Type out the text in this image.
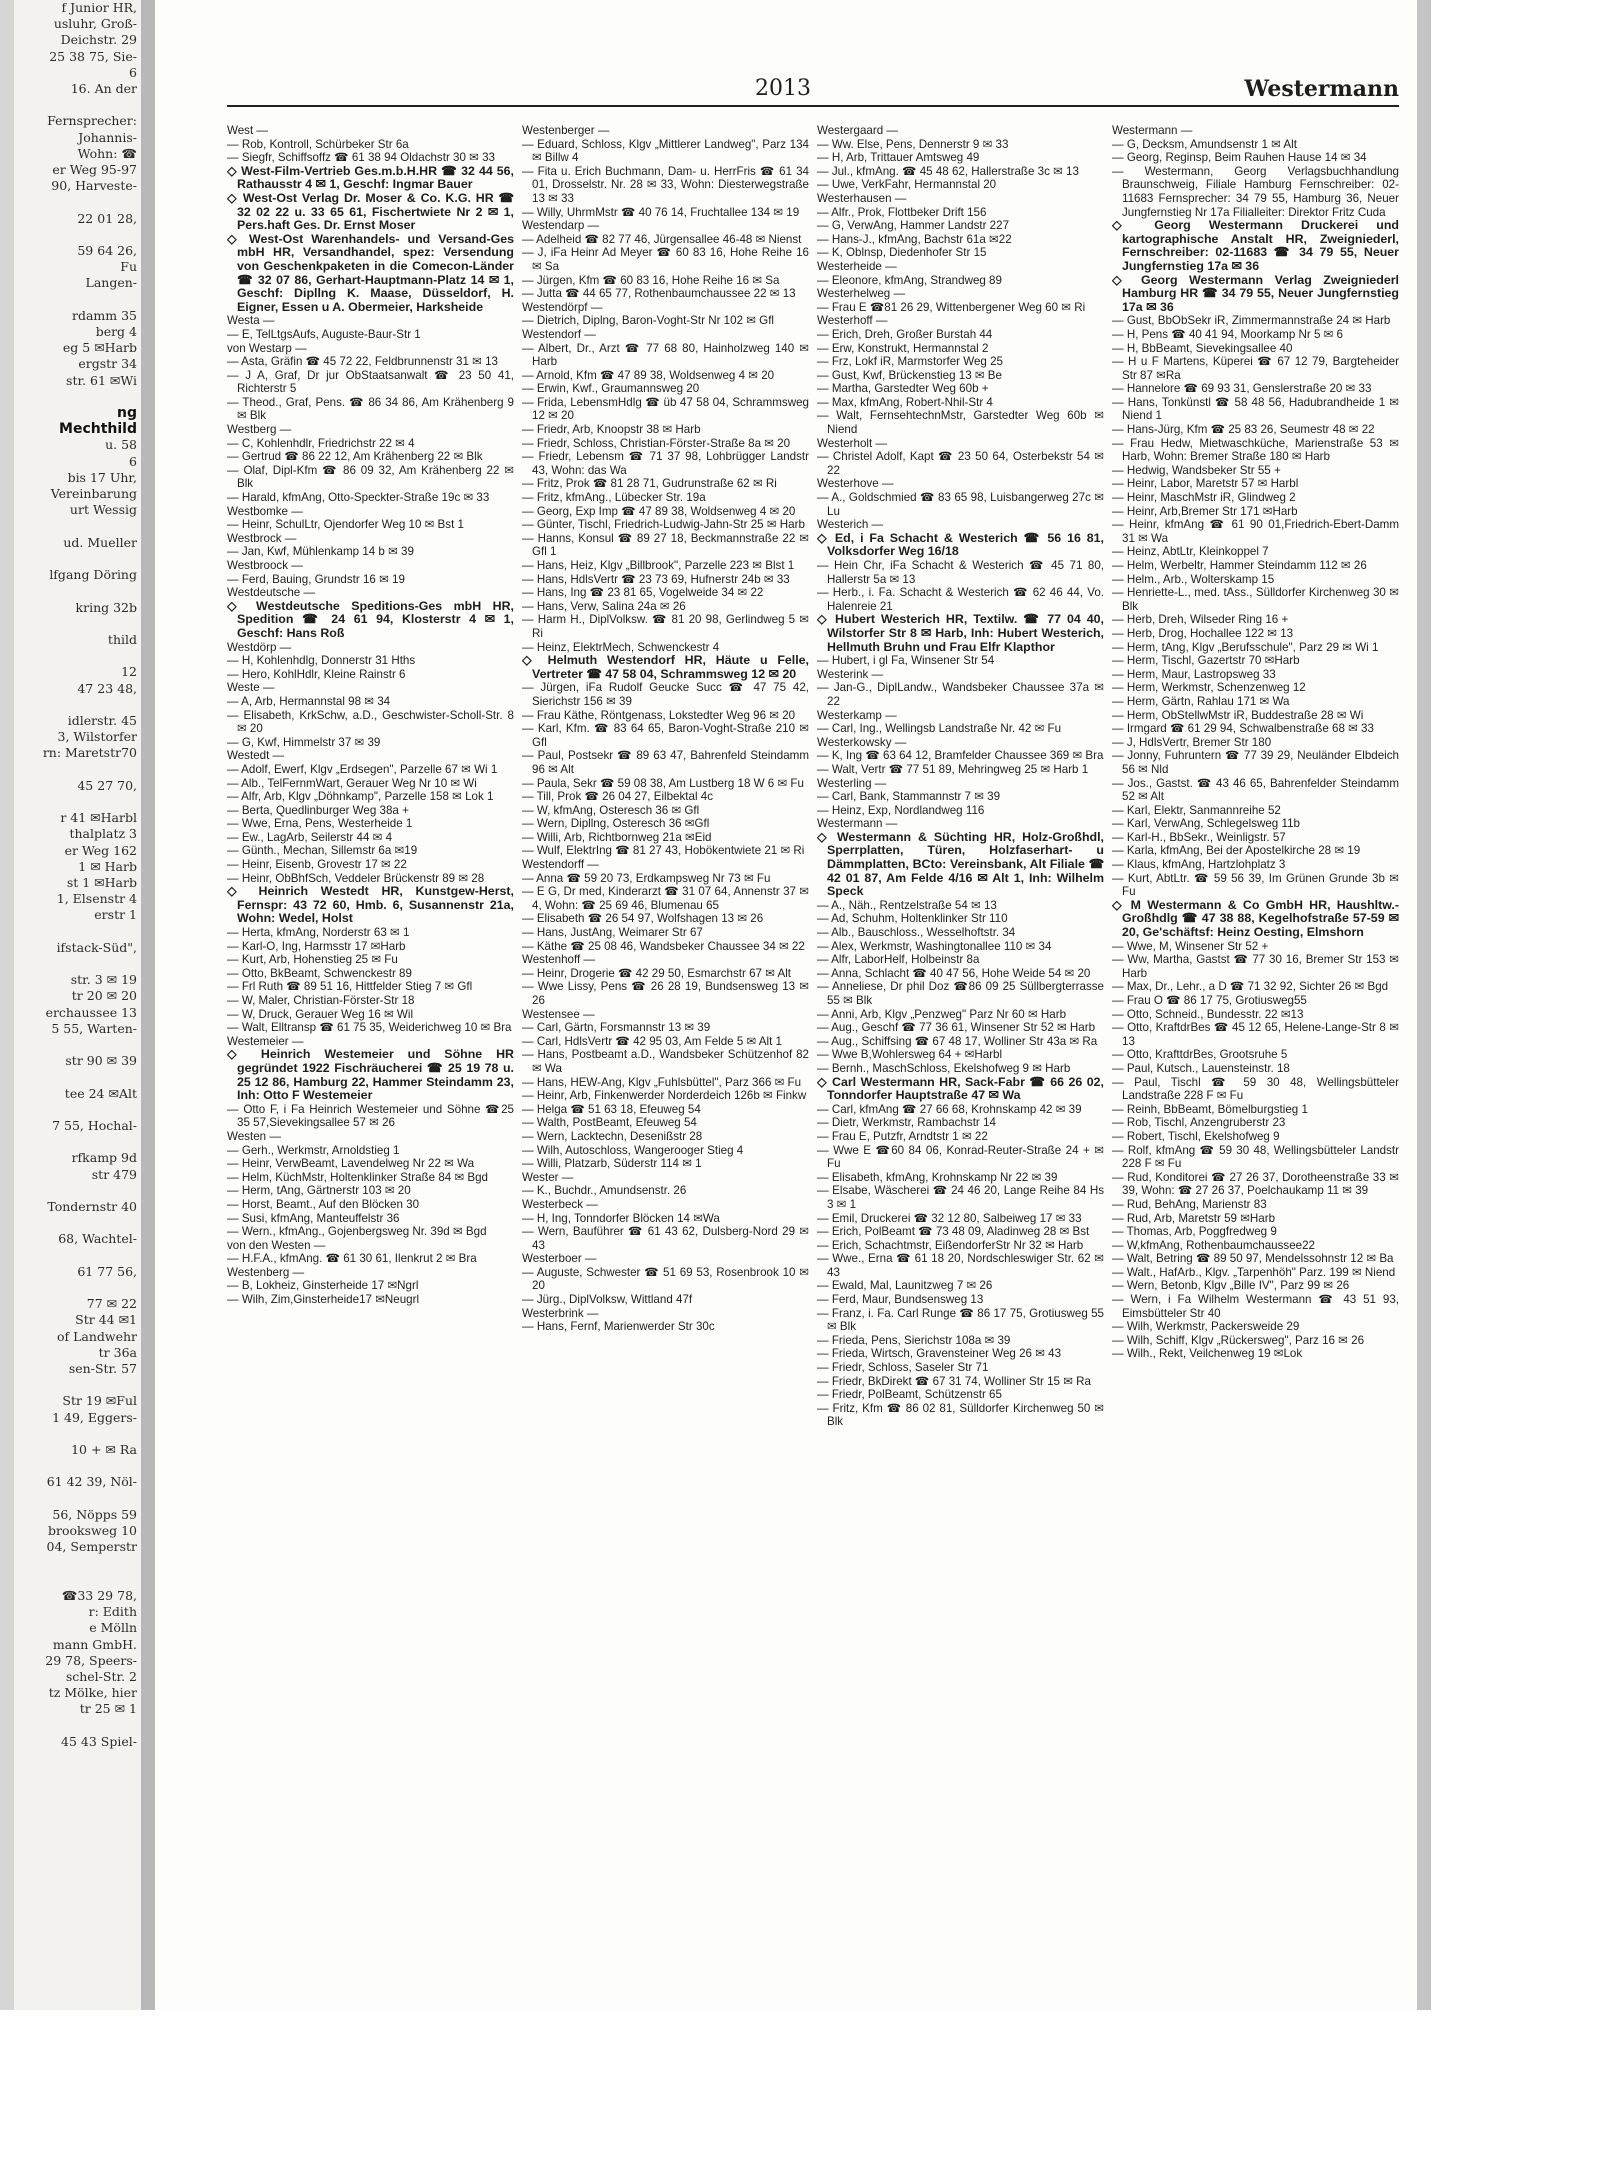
f Junior HR,
usluhr, Groß-
Deichstr. 29
25 38 75, Sie-
6
16. An der

Fernsprecher:
Johannis-
Wohn: ☎
er Weg 95-97
90, Harveste-

22 01 28,

59 64 26,
Fu
Langen-

rdamm 35
berg 4
eg 5 ✉Harb
ergstr 34
str. 61 ✉Wi

ng
Mechthild
u. 58
6
bis 17 Uhr,
Vereinbarung
urt Wessig

ud. Mueller

lfgang Döring

kring 32b

thild

12
47 23 48,

idlerstr. 45
3, Wilstorfer
rn: Maretstr70

45 27 70,

r 41 ✉Harbl
thalplatz 3
er Weg 162
1 ✉ Harb
st 1 ✉Harb
1, Elsenstr 4
erstr 1

ifstack-Süd",

str. 3 ✉ 19
tr 20 ✉ 20
erchaussee 13
5 55, Warten-

str 90 ✉ 39

tee 24 ✉Alt

7 55, Hochal-

rfkamp 9d
str 479

Tondernstr 40

68, Wachtel-

61 77 56,

77 ✉ 22
Str 44 ✉1
of Landwehr
tr 36a
sen-Str. 57

Str 19 ✉Ful
1 49, Eggers-

10 + ✉ Ra

61 42 39, Nöl-

56, Nöpps 59
brooksweg 10
04, Semperstr

☎33 29 78,
r: Edith
e Mölln
mann GmbH.
29 78, Speers-
schel-Str. 2
tz Mölke, hier
tr 25 ✉ 1

45 43 Spiel-
2013	Westermann
West —
— Rob, Kontroll, Schürbeker Str 6a
— Siegfr, Schiffsoffz ☎ 61 38 94 Oldachstr 30 ✉ 33
◇ West-Film-Vertrieb Ges.m.b.H.HR ☎ 32 44 56, Rathausstr 4 ✉ 1, Geschf: Ingmar Bauer
◇ West-Ost Verlag Dr. Moser & Co. K.G. HR ☎ 32 02 22 u. 33 65 61, Fischertwiete Nr 2 ✉ 1, Pers.haft Ges. Dr. Ernst Moser
◇ West-Ost Warenhandels- und Versand-Ges mbH HR, Versandhandel, spez: Versendung von Geschenkpaketen in die Comecon-Länder ☎ 32 07 86, Gerhart-Hauptmann-Platz 14 ✉ 1, Geschf: Dipllng K. Maase, Düsseldorf, H. Eigner, Essen u A. Obermeier, Harksheide
Westa —
— E, TelLtgsAufs, Auguste-Baur-Str 1
von Westarp —
— Asta, Gräfin ☎ 45 72 22, Feldbrunnenstr 31 ✉ 13
— J A, Graf, Dr jur ObStaatsanwalt ☎ 23 50 41, Richterstr 5
— Theod., Graf, Pens. ☎ 86 34 86, Am Krähenberg 9 ✉ Blk
Westberg —
— C, Kohlenhdlr, Friedrichstr 22 ✉ 4
— Gertrud ☎ 86 22 12, Am Krähenberg 22 ✉ Blk
— Olaf, Dipl-Kfm ☎ 86 09 32, Am Krähenberg 22 ✉ Blk
— Harald, kfmAng, Otto-Speckter-Straße 19c ✉ 33
Westbomke —
— Heinr, SchulLtr, Ojendorfer Weg 10 ✉ Bst 1
Westbrock —
— Jan, Kwf, Mühlenkamp 14 b ✉ 39
Westbroock —
— Ferd, Bauing, Grundstr 16 ✉ 19
Westdeutsche —
◇ Westdeutsche Speditions-Ges mbH HR, Spedition ☎ 24 61 94, Klosterstr 4 ✉ 1, Geschf: Hans Roß
Westdörp —
— H, Kohlenhdlg, Donnerstr 31 Hths
— Hero, KohlHdlr, Kleine Rainstr 6
Weste —
— A, Arb, Hermannstal 98 ✉ 34
— Elisabeth, KrkSchw, a.D., Geschwister-Scholl-Str. 8 ✉ 20
— G, Kwf, Himmelstr 37 ✉ 39
Westedt —
— Adolf, Ewerf, Klgv „Erdsegen", Parzelle 67 ✉ Wi 1
— Alb., TelFernmWart, Gerauer Weg Nr 10 ✉ Wi
— Alfr, Arb, Klgv „Döhnkamp", Parzelle 158 ✉ Lok 1
— Berta, Quedlinburger Weg 38a +
— Wwe, Erna, Pens, Westerheide 1
— Ew., LagArb, Seilerstr 44 ✉ 4
— Günth., Mechan, Sillemstr 6a ✉19
— Heinr, Eisenb, Grovestr 17 ✉ 22
— Heinr, ObBhfSch, Veddeler Brückenstr 89 ✉ 28
◇ Heinrich Westedt HR, Kunstgew-Herst, Fernspr: 43 72 60, Hmb. 6, Susannenstr 21a, Wohn: Wedel, Holst
— Herta, kfmAng, Norderstr 63 ✉ 1
— Karl-O, Ing, Harmsstr 17 ✉Harb
— Kurt, Arb, Hohenstieg 25 ✉ Fu
— Otto, BkBeamt, Schwenckestr 89
— Frl Ruth ☎ 89 51 16, Hittfelder Stieg 7 ✉ Gfl
— W, Maler, Christian-Förster-Str 18
— W, Druck, Gerauer Weg 16 ✉ Wil
— Walt, Elltransp ☎ 61 75 35, Weiderichweg 10 ✉ Bra
Westemeier —
◇ Heinrich Westemeier und Söhne HR gegründet 1922 Fischräucherei ☎ 25 19 78 u. 25 12 86, Hamburg 22, Hammer Steindamm 23, Inh: Otto F Westemeier
— Otto F, i Fa Heinrich Westemeier und Söhne ☎25 35 57,Sievekingsallee 57 ✉ 26
Westen —
— Gerh., Werkmstr, Arnoldstieg 1
— Heinr, VerwBeamt, Lavendelweg Nr 22 ✉ Wa
— Helm, KüchMstr, Holtenklinker Straße 84 ✉ Bgd
— Herm, tAng, Gärtnerstr 103 ✉ 20
— Horst, Beamt., Auf den Blöcken 30
— Susi, kfmAng, Manteuffelstr 36
— Wern., kfmAng., Gojenbergsweg Nr. 39d ✉ Bgd
von den Westen —
— H.F.A., kfmAng. ☎ 61 30 61, Ilenkrut 2 ✉ Bra
Westenberg —
— B, Lokheiz, Ginsterheide 17 ✉Ngrl
— Wilh, Zim,Ginsterheide17 ✉Neugrl
Westenberger —
— Eduard, Schloss, Klgv „Mittlerer Landweg", Parz 134 ✉ Billw 4
— Fita u. Erich Buchmann, Dam- u. HerrFris ☎ 61 34 01, Drosselstr. Nr. 28 ✉ 33, Wohn: Diesterwegstraße 13 ✉ 33
— Willy, UhrmMstr ☎ 40 76 14, Fruchtallee 134 ✉ 19
Westendarp —
— Adelheid ☎ 82 77 46, Jürgensallee 46-48 ✉ Nienst
— J, iFa Heinr Ad Meyer ☎ 60 83 16, Hohe Reihe 16 ✉ Sa
— Jürgen, Kfm ☎ 60 83 16, Hohe Reihe 16 ✉ Sa
— Jutta ☎ 44 65 77, Rothenbaumchaussee 22 ✉ 13
Westendörpf —
— Dietrich, Diplng, Baron-Voght-Str Nr 102 ✉ Gfl
Westendorf —
— Albert, Dr., Arzt ☎ 77 68 80, Hainholzweg 140 ✉ Harb
— Arnold, Kfm ☎ 47 89 38, Woldsenweg 4 ✉ 20
— Erwin, Kwf., Graumannsweg 20
— Frida, LebensmHdlg ☎ üb 47 58 04, Schrammsweg 12 ✉ 20
— Friedr, Arb, Knoopstr 38 ✉ Harb
— Friedr, Schloss, Christian-Förster-Straße 8a ✉ 20
— Friedr, Lebensm ☎ 71 37 98, Lohbrügger Landstr 43, Wohn: das Wa
— Fritz, Prok ☎ 81 28 71, Gudrunstraße 62 ✉ Ri
— Fritz, kfmAng., Lübecker Str. 19a
— Georg, Exp Imp ☎ 47 89 38, Woldsenweg 4 ✉ 20
— Günter, Tischl, Friedrich-Ludwig-Jahn-Str 25 ✉ Harb
— Hanns, Konsul ☎ 89 27 18, Beckmannstraße 22 ✉ Gfl 1
— Hans, Heiz, Klgv „Billbrook", Parzelle 223 ✉ Blst 1
— Hans, HdlsVertr ☎ 23 73 69, Hufnerstr 24b ✉ 33
— Hans, Ing ☎ 23 81 65, Vogelweide 34 ✉ 22
— Hans, Verw, Salina 24a ✉ 26
— Harm H., DiplVolksw. ☎ 81 20 98, Gerlindweg 5 ✉ Ri
— Heinz, ElektrMech, Schwenckestr 4
◇ Helmuth Westendorf HR, Häute u Felle, Vertreter ☎ 47 58 04, Schrammsweg 12 ✉ 20
— Jürgen, iFa Rudolf Geucke Succ ☎ 47 75 42, Sierichstr 156 ✉ 39
— Frau Käthe, Röntgenass, Lokstedter Weg 96 ✉ 20
— Karl, Kfm. ☎ 83 64 65, Baron-Voght-Straße 210 ✉ Gfl
— Paul, Postsekr ☎ 89 63 47, Bahrenfeld Steindamm 96 ✉ Alt
— Paula, Sekr ☎ 59 08 38, Am Lustberg 18 W 6 ✉ Fu
— Till, Prok ☎ 26 04 27, Eilbektal 4c
— W, kfmAng, Osteresch 36 ✉ Gfl
— Wern, Dipllng, Osteresch 36 ✉Gfl
— Willi, Arb, Richtbornweg 21a ✉Eid
— Wulf, ElektrIng ☎ 81 27 43, Hobökentwiete 21 ✉ Ri
Westendorff —
— Anna ☎ 59 20 73, Erdkampsweg Nr 73 ✉ Fu
— E G, Dr med, Kinderarzt ☎ 31 07 64, Annenstr 37 ✉ 4, Wohn: ☎ 25 69 46, Blumenau 65
— Elisabeth ☎ 26 54 97, Wolfshagen 13 ✉ 26
— Hans, JustAng, Weimarer Str 67
— Käthe ☎ 25 08 46, Wandsbeker Chaussee 34 ✉ 22
Westenhoff —
— Heinr, Drogerie ☎ 42 29 50, Esmarchstr 67 ✉ Alt
— Wwe Lissy, Pens ☎ 26 28 19, Bundsensweg 13 ✉ 26
Westensee —
— Carl, Gärtn, Forsmannstr 13 ✉ 39
— Carl, HdlsVertr ☎ 42 95 03, Am Felde 5 ✉ Alt 1
— Hans, Postbeamt a.D., Wandsbeker Schützenhof 82 ✉ Wa
— Hans, HEW-Ang, Klgv „Fuhlsbüttel", Parz 366 ✉ Fu
— Heinr, Arb, Finkenwerder Norderdeich 126b ✉ Finkw
— Helga ☎ 51 63 18, Efeuweg 54
— Walth, PostBeamt, Efeuweg 54
— Wern, Lacktechn, Desenißstr 28
— Wilh, Autoschloss, Wangerooger Stieg 4
— Willi, Platzarb, Süderstr 114 ✉ 1
Wester —
— K., Buchdr., Amundsenstr. 26
Westerbeck —
— H, Ing, Tonndorfer Blöcken 14 ✉Wa
— Wern, Bauführer ☎ 61 43 62, Dulsberg-Nord 29 ✉ 43
Westerboer —
— Auguste, Schwester ☎ 51 69 53, Rosenbrook 10 ✉ 20
— Jürg., DiplVolksw, Wittland 47f
Westerbrink —
— Hans, Fernf, Marienwerder Str 30c
Westergaard —
— Ww. Else, Pens, Dennerstr 9 ✉ 33
— H, Arb, Trittauer Amtsweg 49
— Jul., kfmAng. ☎ 45 48 62, Hallerstraße 3c ✉ 13
— Uwe, VerkFahr, Hermannstal 20
Westerhausen —
— Alfr., Prok, Flottbeker Drift 156
— G, VerwAng, Hammer Landstr 227
— Hans-J., kfmAng, Bachstr 61a ✉22
— K, Oblnsp, Diedenhofer Str 15
Westerheide —
— Eleonore, kfmAng, Strandweg 89
Westerhelweg —
— Frau E ☎81 26 29, Wittenbergener Weg 60 ✉ Ri
Westerhoff —
— Erich, Dreh, Großer Burstah 44
— Erw, Konstrukt, Hermannstal 2
— Frz, Lokf iR, Marmstorfer Weg 25
— Gust, Kwf, Brückenstieg 13 ✉ Be
— Martha, Garstedter Weg 60b +
— Max, kfmAng, Robert-Nhil-Str 4
— Walt, FernsehtechnMstr, Garstedter Weg 60b ✉ Niend
Westerholt —
— Christel Adolf, Kapt ☎ 23 50 64, Osterbekstr 54 ✉ 22
Westerhove —
— A., Goldschmied ☎ 83 65 98, Luisbangerweg 27c ✉ Lu
Westerich —
◇ Ed, i Fa Schacht & Westerich ☎ 56 16 81, Volksdorfer Weg 16/18
— Hein Chr, iFa Schacht & Westerich ☎ 45 71 80, Hallerstr 5a ✉ 13
— Herb., i. Fa. Schacht & Westerich ☎ 62 46 44, Vo. Halenreie 21
◇ Hubert Westerich HR, Textilw. ☎ 77 04 40, Wilstorfer Str 8 ✉ Harb, Inh: Hubert Westerich, Hellmuth Bruhn und Frau Elfr Klapthor
— Hubert, i gl Fa, Winsener Str 54
Westerink —
— Jan-G., DiplLandw., Wandsbeker Chaussee 37a ✉ 22
Westerkamp —
— Carl, Ing., Wellingsb Landstraße Nr. 42 ✉ Fu
Westerkowsky —
— K, Ing ☎ 63 64 12, Bramfelder Chaussee 369 ✉ Bra
— Walt, Vertr ☎ 77 51 89, Mehringweg 25 ✉ Harb 1
Westerling —
— Carl, Bank, Stammannstr 7 ✉ 39
— Heinz, Exp, Nordlandweg 116
Westermann —
◇ Westermann & Süchting HR, Holz-Großhdl, Sperrplatten, Türen, Holzfaserhart- u Dämmplatten, BCto: Vereinsbank, Alt Filiale ☎ 42 01 87, Am Felde 4/16 ✉ Alt 1, Inh: Wilhelm Speck
— A., Näh., Rentzelstraße 54 ✉ 13
— Ad, Schuhm, Holtenklinker Str 110
— Alb., Bauschloss., Wesselhoftstr. 34
— Alex, Werkmstr, Washingtonallee 110 ✉ 34
— Alfr, LaborHelf, Holbeinstr 8a
— Anna, Schlacht ☎ 40 47 56, Hohe Weide 54 ✉ 20
— Anneliese, Dr phil Doz ☎86 09 25 Süllbergterrasse 55 ✉ Blk
— Anni, Arb, Klgv „Penzweg" Parz Nr 60 ✉ Harb
— Aug., Geschf ☎ 77 36 61, Winsener Str 52 ✉ Harb
— Aug., Schiffsing ☎ 67 48 17, Wolliner Str 43a ✉ Ra
— Wwe B,Wohlersweg 64 + ✉Harbl
— Bernh., MaschSchloss, Ekelshofweg 9 ✉ Harb
◇ Carl Westermann HR, Sack-Fabr ☎ 66 26 02, Tonndorfer Hauptstraße 47 ✉ Wa
— Carl, kfmAng ☎ 27 66 68, Krohnskamp 42 ✉ 39
— Dietr, Werkmstr, Rambachstr 14
— Frau E, Putzfr, Arndtstr 1 ✉ 22
— Wwe E ☎60 84 06, Konrad-Reuter-Straße 24 + ✉ Fu
— Elisabeth, kfmAng, Krohnskamp Nr 22 ✉ 39
— Elsabe, Wäscherei ☎ 24 46 20, Lange Reihe 84 Hs 3 ✉ 1
— Emil, Druckerei ☎ 32 12 80, Salbeiweg 17 ✉ 33
— Erich, PolBeamt ☎ 73 48 09, Aladinweg 28 ✉ Bst
— Erich, Schachtmstr, EißendorferStr Nr 32 ✉ Harb
— Wwe., Erna ☎ 61 18 20, Nordschleswiger Str. 62 ✉ 43
— Ewald, Mal, Launitzweg 7 ✉ 26
— Ferd, Maur, Bundsensweg 13
— Franz, i. Fa. Carl Runge ☎ 86 17 75, Grotiusweg 55 ✉ Blk
— Frieda, Pens, Sierichstr 108a ✉ 39
— Frieda, Wirtsch, Gravensteiner Weg 26 ✉ 43
— Friedr, Schloss, Saseler Str 71
— Friedr, BkDirekt ☎ 67 31 74, Wolliner Str 15 ✉ Ra
— Friedr, PolBeamt, Schützenstr 65
— Fritz, Kfm ☎ 86 02 81, Sülldorfer Kirchenweg 50 ✉ Blk
Westermann —
— G, Decksm, Amundsenstr 1 ✉ Alt
— Georg, Reginsp, Beim Rauhen Hause 14 ✉ 34
— Westermann, Georg Verlagsbuchhandlung Braunschweig, Filiale Hamburg Fernschreiber: 02-11683 Fernsprecher: 34 79 55, Hamburg 36, Neuer Jungfernstieg Nr 17a Filialleiter: Direktor Fritz Cuda
◇ Georg Westermann Druckerei und kartographische Anstalt HR, Zweigniederl, Fernschreiber: 02-11683 ☎ 34 79 55, Neuer Jungfernstieg 17a ✉ 36
◇ Georg Westermann Verlag Zweigniederl Hamburg HR ☎ 34 79 55, Neuer Jungfernstieg 17a ✉ 36
— Gust, BbObSekr iR, Zimmermannstraße 24 ✉ Harb
— H, Pens ☎ 40 41 94, Moorkamp Nr 5 ✉ 6
— H, BbBeamt, Sievekingsallee 40
— H u F Martens, Küperei ☎ 67 12 79, Bargteheider Str 87 ✉Ra
— Hannelore ☎ 69 93 31, Genslerstraße 20 ✉ 33
— Hans, Tonkünstl ☎ 58 48 56, Hadubrandheide 1 ✉ Niend 1
— Hans-Jürg, Kfm ☎ 25 83 26, Seumestr 48 ✉ 22
— Frau Hedw, Mietwaschküche, Marienstraße 53 ✉ Harb, Wohn: Bremer Straße 180 ✉ Harb
— Hedwig, Wandsbeker Str 55 +
— Heinr, Labor, Maretstr 57 ✉ Harbl
— Heinr, MaschMstr iR, Glindweg 2
— Heinr, Arb,Bremer Str 171 ✉Harb
— Heinr, kfmAng ☎ 61 90 01,Friedrich-Ebert-Damm 31 ✉ Wa
— Heinz, AbtLtr, Kleinkoppel 7
— Helm, Werbeltr, Hammer Steindamm 112 ✉ 26
— Helm., Arb., Wolterskamp 15
— Henriette-L., med. tAss., Sülldorfer Kirchenweg 30 ✉ Blk
— Herb, Dreh, Wilseder Ring 16 +
— Herb, Drog, Hochallee 122 ✉ 13
— Herm, tAng, Klgv „Berufsschule", Parz 29 ✉ Wi 1
— Herm, Tischl, Gazertstr 70 ✉Harb
— Herm, Maur, Lastropsweg 33
— Herm, Werkmstr, Schenzenweg 12
— Herm, Gärtn, Rahlau 171 ✉ Wa
— Herm, ObStellwMstr iR, Buddestraße 28 ✉ Wi
— Irmgard ☎ 61 29 94, Schwalbenstraße 68 ✉ 33
— J, HdlsVertr, Bremer Str 180
— Jonny, Fuhruntern ☎ 77 39 29, Neuländer Elbdeich 56 ✉ Nld
— Jos., Gastst. ☎ 43 46 65, Bahrenfelder Steindamm 52 ✉ Alt
— Karl, Elektr, Sanmannreihe 52
— Karl, VerwAng, Schlegelsweg 11b
— Karl-H., BbSekr., Weinligstr. 57
— Karla, kfmAng, Bei der Apostelkirche 28 ✉ 19
— Klaus, kfmAng, Hartzlohplatz 3
— Kurt, AbtLtr. ☎ 59 56 39, Im Grünen Grunde 3b ✉ Fu
◇ M Westermann & Co GmbH HR, Haushltw.-Großhdlg ☎ 47 38 88, Kegelhofstraße 57-59 ✉ 20, Ge'schäftsf: Heinz Oesting, Elmshorn
— Wwe, M, Winsener Str 52 +
— Ww, Martha, Gastst ☎ 77 30 16, Bremer Str 153 ✉ Harb
— Max, Dr., Lehr., a D ☎ 71 32 92, Sichter 26 ✉ Bgd
— Frau O ☎ 86 17 75, Grotiusweg55
— Otto, Schneid., Bundesstr. 22 ✉13
— Otto, KraftdrBes ☎ 45 12 65, Helene-Lange-Str 8 ✉ 13
— Otto, KrafttdrBes, Grootsruhe 5
— Paul, Kutsch., Lauensteinstr. 18
— Paul, Tischl ☎ 59 30 48, Wellingsbütteler Landstraße 228 F ✉ Fu
— Reinh, BbBeamt, Bömelburgstieg 1
— Rob, Tischl, Anzengruberstr 23
— Robert, Tischl, Ekelshofweg 9
— Rolf, kfmAng ☎ 59 30 48, Wellingsbütteler Landstr 228 F ✉ Fu
— Rud, Konditorei ☎ 27 26 37, Dorotheenstraße 33 ✉ 39, Wohn: ☎ 27 26 37, Poelchaukamp 11 ✉ 39
— Rud, BehAng, Marienstr 83
— Rud, Arb, Maretstr 59 ✉Harb
— Thomas, Arb, Poggfredweg 9
— W,kfmAng, Rothenbaumchaussee22
— Walt, Betring ☎ 89 50 97, Mendelssohnstr 12 ✉ Ba
— Walt., HafArb., Klgv. „Tarpenhöh" Parz. 199 ✉ Niend
— Wern, Betonb, Klgv „Bille IV", Parz 99 ✉ 26
— Wern, i Fa Wilhelm Westermann ☎ 43 51 93, Eimsbütteler Str 40
— Wilh, Werkmstr, Packersweide 29
— Wilh, Schiff, Klgv „Rückersweg", Parz 16 ✉ 26
— Wilh., Rekt, Veilchenweg 19 ✉Lok
